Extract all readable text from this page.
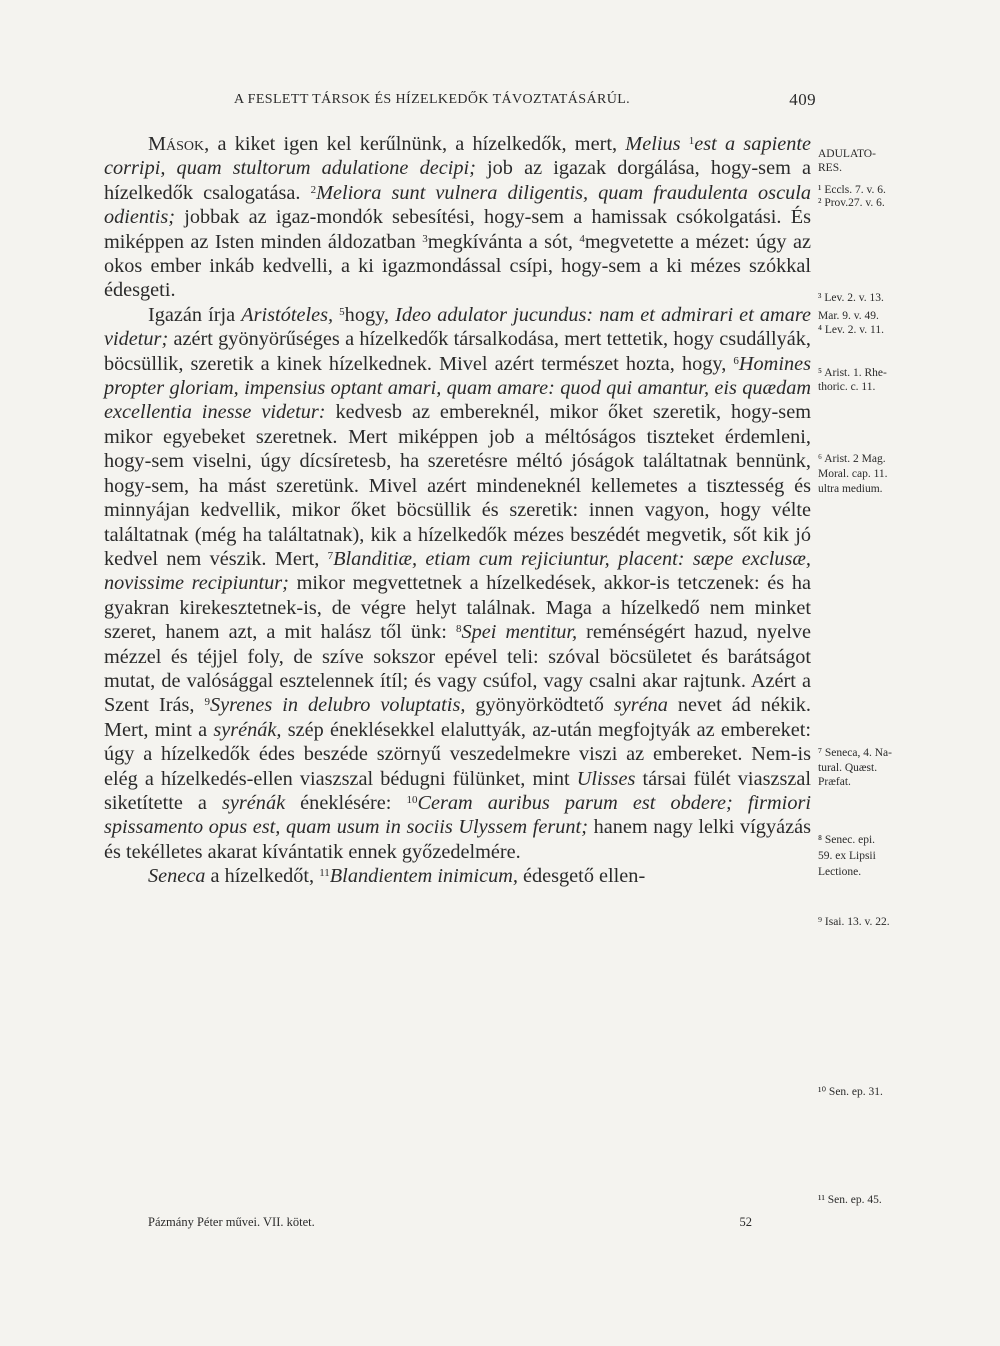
A FESLETT TÁRSOK ÉS HÍZELKEDŐK TÁVOZTATÁSÁRÚL.	409

Mások, a kiket igen kel kerűlnünk, a hízelkedők, mert, Melius $^1$est a sapiente corripi, quam stultorum adulatione decipi; job az igazak dorgálása, hogy-sem a hízelkedők csalogatása. $^2$Meliora sunt vulnera diligentis, quam fraudulenta oscula odientis; jobbak az igaz-mondók sebesítési, hogy-sem a hamissak csókolgatási. És miképpen az Isten minden áldozatban $^3$megkívánta a sót, $^4$megvetette a mézet: úgy az okos ember inkáb kedvelli, a ki igazmondással csípi, hogy-sem a ki mézes szókkal édesgeti.

Igazán írja Aristóteles, $^5$hogy, Ideo adulator jucundus: nam et admirari et amare videtur; azért gyönyörűséges a hízelkedők társalkodása, mert tettetik, hogy csudállyák, böcsüllik, szeretik a kinek hízelkednek. Mivel azért természet hozta, hogy, $^6$Homines propter gloriam, impensius optant amari, quam amare: quod qui amantur, eis quædam excellentia inesse videtur: kedvesb az embereknél, mikor őket szeretik, hogy-sem mikor egyebeket szeretnek. Mert miképpen job a méltóságos tiszteket érdemleni, hogy-sem viselni, úgy dícsíretesb, ha szeretésre méltó jóságok találtatnak bennünk, hogy-sem, ha mást szeretünk. Mivel azért mindeneknél kellemetes a tisztesség és minnyájan kedvellik, mikor őket böcsüllik és szeretik: innen vagyon, hogy vélte találtatnak (még ha találtatnak), kik a hízelkedők mézes beszédét megvetik, sőt kik jó kedvel nem vészik. Mert, $^7$Blanditiæ, etiam cum rejiciuntur, placent: sæpe exclusæ, novissime recipiuntur; mikor megvettetnek a hízelkedések, akkor-is tetczenek: és ha gyakran kirekesztetnek-is, de végre helyt találnak. Maga a hízelkedő nem minket szeret, hanem azt, a mit halász től ünk: $^8$Spei mentitur, reménségért hazud, nyelve mézzel és téjjel foly, de szíve sokszor epével teli: szóval böcsületet és barátságot mutat, de valósággal esztelennek ítíl; és vagy csúfol, vagy csalni akar rajtunk. Azért a Szent Irás, $^9$Syrenes in delubro voluptatis, gyönyörködtető syréna nevet ád nékik. Mert, mint a syrénák, szép éneklésekkel elaluttyák, az-után megfojtyák az embereket: úgy a hízelkedők édes beszéde szörnyű veszedelmekre viszi az embereket. Nem-is elég a hízelkedés-ellen viaszszal bédugni fülünket, mint Ulisses társai fülét viaszszal siketítette a syrénák éneklésére: $^{10}$Ceram auribus parum est obdere; firmiori spissamento opus est, quam usum in sociis Ulyssem ferunt; hanem nagy lelki vígyázás és tekélletes akarat kívántatik ennek győzedelmére.

Seneca a hízelkedőt, $^{11}$Blandientem inimicum, édesgető ellen-

ADULATO-
RES.
¹ Eccls. 7. v. 6.
² Prov.27. v. 6.
³ Lev. 2. v. 13.
Mar. 9. v. 49.
⁴ Lev. 2. v. 11.
⁵ Arist. 1. Rhe-
thoric. c. 11.
⁶ Arist. 2 Mag.
Moral. cap. 11.
ultra medium.
⁷ Seneca, 4. Na-
tural. Quæst.
Præfat.
⁸ Senec. epi.
59. ex Lipsii
Lectione.
⁹ Isai. 13. v. 22.
¹⁰ Sen. ep. 31.
¹¹ Sen. ep. 45.
Pázmány Péter művei. VII. kötet.	52
